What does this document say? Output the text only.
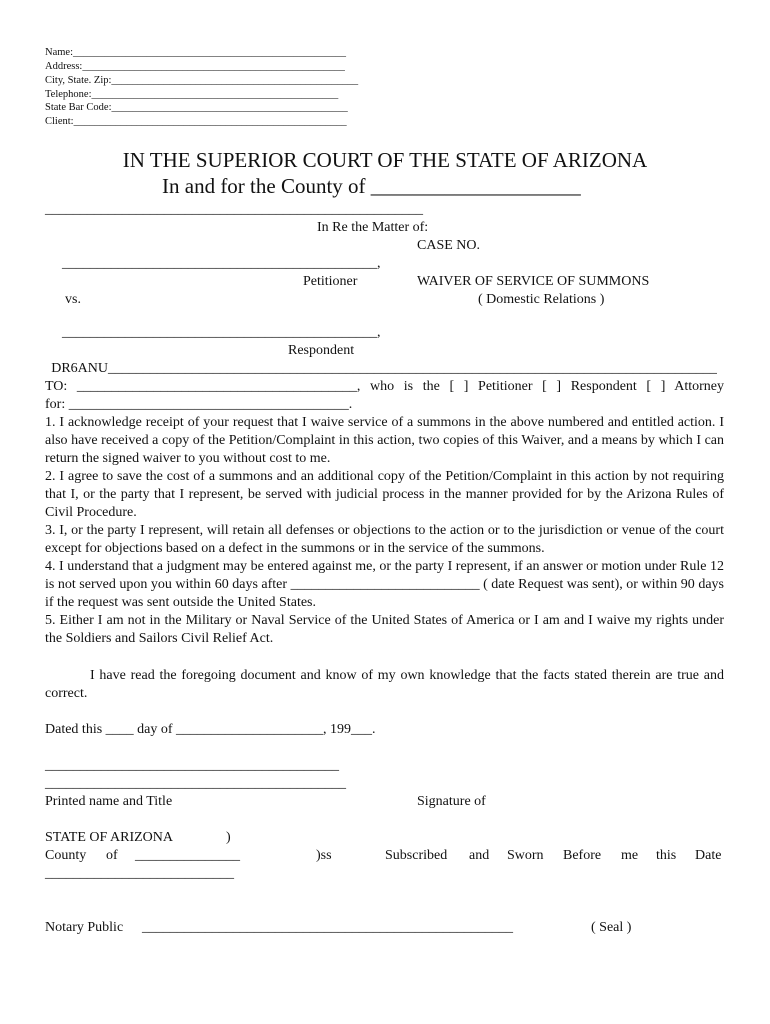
Name:____________________________________________________
Address:__________________________________________________
City, State. Zip:_______________________________________________
Telephone:_______________________________________________
State Bar Code:_____________________________________________
Client:____________________________________________________
IN THE SUPERIOR COURT OF THE STATE OF ARIZONA
In and for the County of ____________________
______________________________________________________
In Re the Matter of:
CASE NO.
_____________________________________________,
Petitioner	WAIVER OF SERVICE OF SUMMONS
( Domestic Relations )
vs.
_____________________________________________,
Respondent
_______________________________________________________________________________________DR6ANU
TO: ________________________________________, who is the [ ] Petitioner [ ] Respondent [ ] Attorney
for: ________________________________________.
1. I acknowledge receipt of your request that I waive service of a summons in the above numbered and entitled action. I also have received a copy of the Petition/Complaint in this action, two copies of this Waiver, and a means by which I can return the signed waiver to you without cost to me.
2. I agree to save the cost of a summons and an additional copy of the Petition/Complaint in this action by not requiring that I, or the party that I represent, be served with judicial process in the manner provided for by the Arizona Rules of Civil Procedure.
3. I, or the party I represent, will retain all defenses or objections to the action or to the jurisdiction or venue of the court except for objections based on a defect in the summons or in the service of the summons.
4. I understand that a judgment may be entered against me, or the party I represent, if an answer or motion under Rule 12 is not served upon you within 60 days after ___________________________ ( date Request was sent), or within 90 days if the request was sent outside the United States.
5. Either I am not in the Military or Naval Service of the United States of America or I am and I waive my rights under the Soldiers and Sailors Civil Relief Act.
I have read the foregoing document and know of my own knowledge that the facts stated therein are true and correct.
Dated this ____ day of _____________________, 199___.
__________________________________________
___________________________________________
Printed name and Title	Signature of
STATE OF ARIZONA	)
County of _______________	)ss	Subscribed and Sworn Before me this Date
___________________________
Notary Public _____________________________________________________	( Seal )
